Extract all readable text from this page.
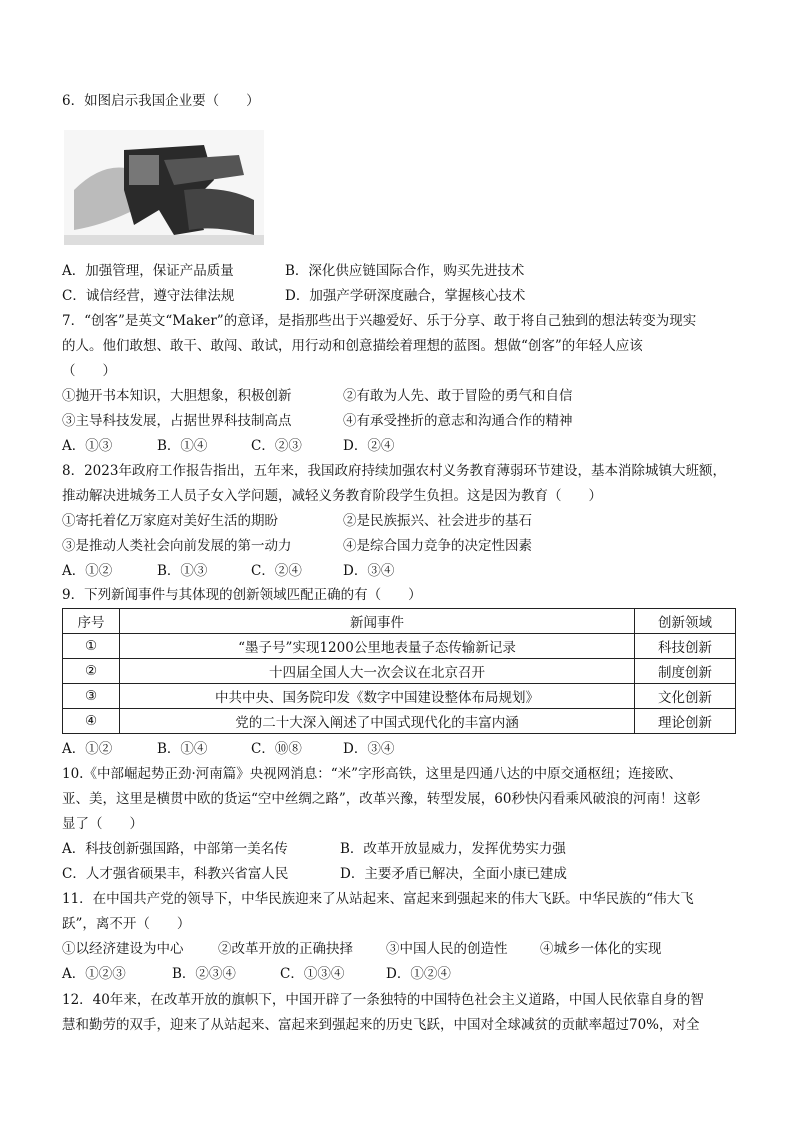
6．如图启示我国企业要（　　）
A．加强管理，保证产品质量	B．深化供应链国际合作，购买先进技术
C．诚信经营，遵守法律法规	D．加强产学研深度融合，掌握核心技术
7．“创客”是英文“Maker”的意译，是指那些出于兴趣爱好、乐于分享、敢于将自己独到的想法转变为现实
的人。他们敢想、敢干、敢闯、敢试，用行动和创意描绘着理想的蓝图。想做“创客”的年轻人应该
（　　）
①抛开书本知识，大胆想象，积极创新	②有敢为人先、敢于冒险的勇气和自信
③主导科技发展，占据世界科技制高点	④有承受挫折的意志和沟通合作的精神
A．①③	B．①④	C．②③	D．②④
8．2023年政府工作报告指出，五年来，我国政府持续加强农村义务教育薄弱环节建设，基本消除城镇大班额，
推动解决进城务工人员子女入学问题，减轻义务教育阶段学生负担。这是因为教育（　　）
①寄托着亿万家庭对美好生活的期盼	②是民族振兴、社会进步的基石
③是推动人类社会向前发展的第一动力	④是综合国力竞争的决定性因素
A．①②	B．①③	C．②④	D．③④
9．下列新闻事件与其体现的创新领域匹配正确的有（　　）
序号	新闻事件	创新领域
①	“墨子号”实现1200公里地表量子态传输新记录	科技创新
②	十四届全国人大一次会议在北京召开	制度创新
③	中共中央、国务院印发《数字中国建设整体布局规划》	文化创新
④	党的二十大深入阐述了中国式现代化的丰富内涵	理论创新
A．①②	B．①④	C．⑩⑧	D．③④
10.《中部崛起势正劲·河南篇》央视网消息：“米”字形高铁，这里是四通八达的中原交通枢纽；连接欧、
亚、美，这里是横贯中欧的货运“空中丝绸之路”，改革兴豫，转型发展，60秒快闪看乘风破浪的河南！这彰
显了（　　）
A．科技创新强国路，中部第一美名传	B．改革开放显威力，发挥优势实力强
C．人才强省硕果丰，科教兴省富人民	D．主要矛盾已解决，全面小康已建成
11．在中国共产党的领导下，中华民族迎来了从站起来、富起来到强起来的伟大飞跃。中华民族的“伟大飞
跃”，离不开（　　）
①以经济建设为中心	②改革开放的正确抉择 ③中国人民的创造性 ④城乡一体化的实现
A．①②③	B．②③④	C．①③④	D．①②④
12．40年来，在改革开放的旗帜下，中国开辟了一条独特的中国特色社会主义道路，中国人民依靠自身的智
慧和勤劳的双手，迎来了从站起来、富起来到强起来的历史飞跃，中国对全球减贫的贡献率超过70%，对全
